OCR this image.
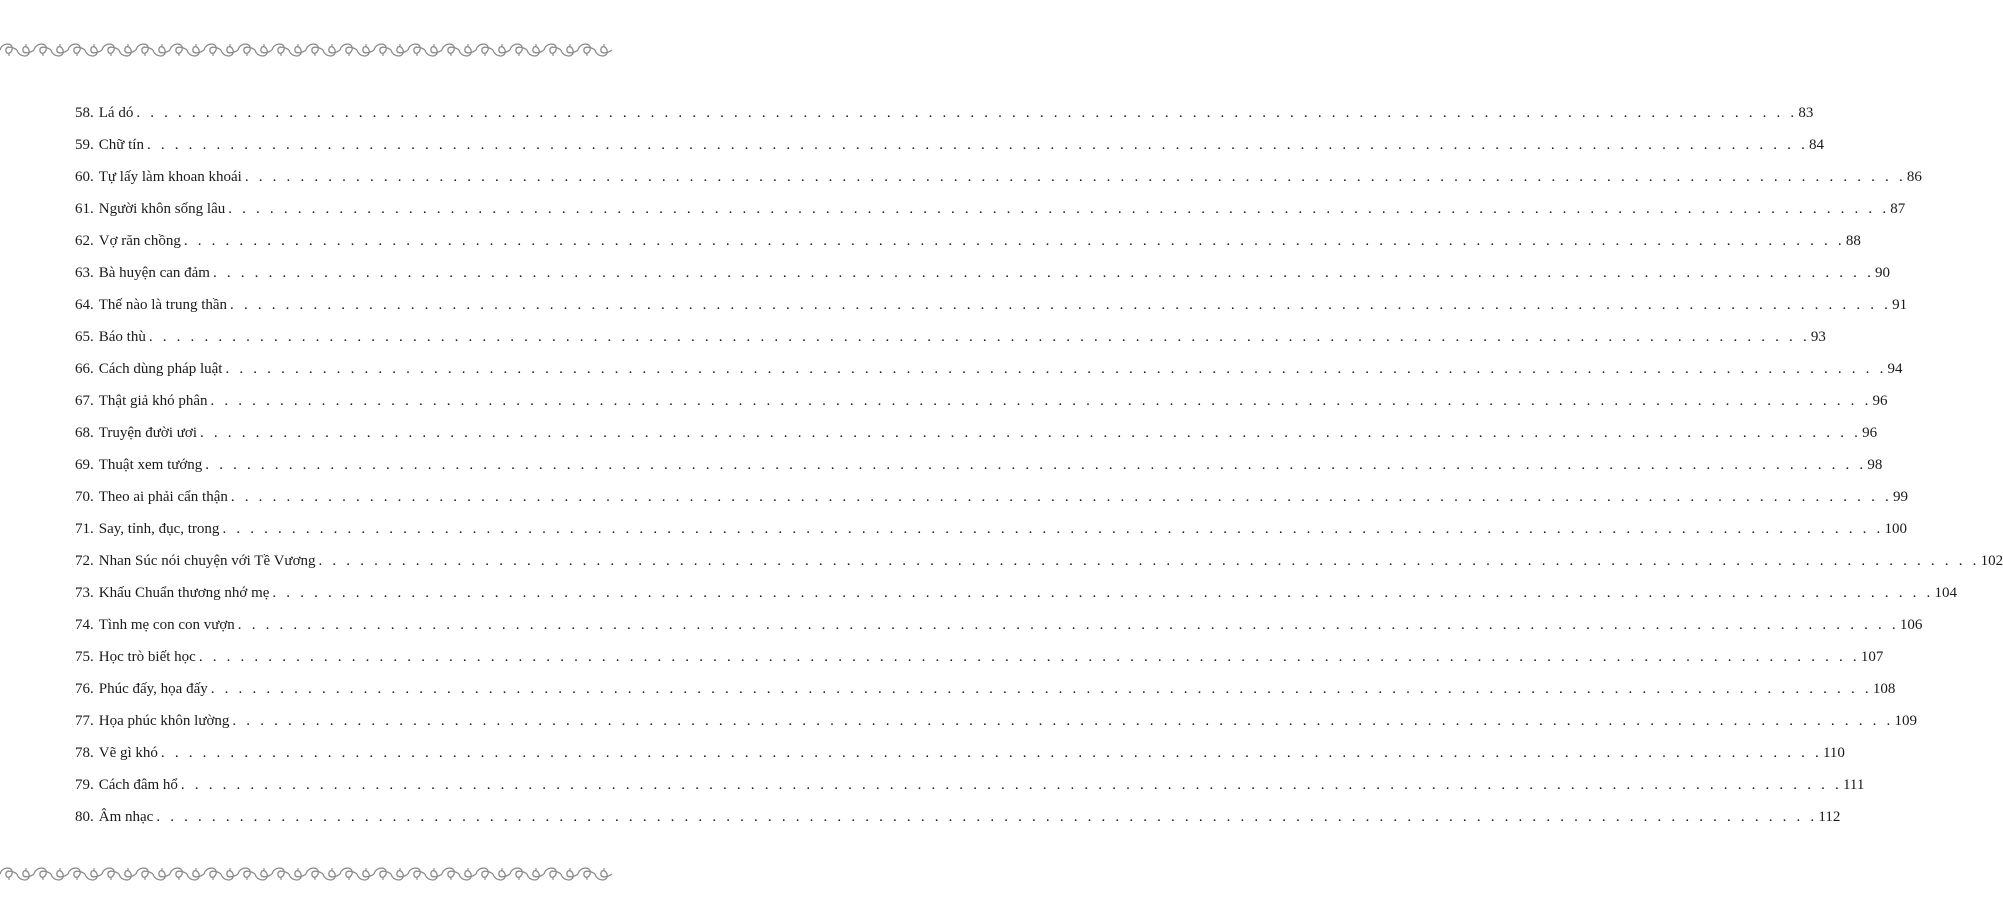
58. Lá dó . . . . . . . . . . . . . . . . . . . . . . . . . . . . . . . . . . . . . . . . . . . . . . . . . . . . . . . . . . . . . . . . . . . . . . . . . . . . . . . . . . . . . . . . . . . . . . . . . . . . . . . . . . . . . . . . . . . . . . . . 83
59. Chữ tín . . . . . . . . . . . . . . . . . . . . . . . . . . . . . . . . . . . . . . . . . . . . . . . . . . . . . . . . . . . . . . . . . . . . . . . . . . . . . . . . . . . . . . . . . . . . . . . . . . . . . . . . . . . . . . . . . . . . . . . . 84
60. Tự lấy làm khoan khoái . . . . . . . . . . . . . . . . . . . . . . . . . . . . . . . . . . . . . . . . . . . . . . . . . . . . . . . . . . . . . . . . . . . . . . . . . . . . . . . . . . . . . . . . . . . . . . . . . . . . . . . . . . . . . . . . . . . . . . . . 86
61. Người khôn sống lâu . . . . . . . . . . . . . . . . . . . . . . . . . . . . . . . . . . . . . . . . . . . . . . . . . . . . . . . . . . . . . . . . . . . . . . . . . . . . . . . . . . . . . . . . . . . . . . . . . . . . . . . . . . . . . . . . . . . . . . . . 87
62. Vợ răn chồng . . . . . . . . . . . . . . . . . . . . . . . . . . . . . . . . . . . . . . . . . . . . . . . . . . . . . . . . . . . . . . . . . . . . . . . . . . . . . . . . . . . . . . . . . . . . . . . . . . . . . . . . . . . . . . . . . . . . . . . . 88
63. Bà huyện can đảm . . . . . . . . . . . . . . . . . . . . . . . . . . . . . . . . . . . . . . . . . . . . . . . . . . . . . . . . . . . . . . . . . . . . . . . . . . . . . . . . . . . . . . . . . . . . . . . . . . . . . . . . . . . . . . . . . . . . . . . . 90
64. Thế nào là trung thần . . . . . . . . . . . . . . . . . . . . . . . . . . . . . . . . . . . . . . . . . . . . . . . . . . . . . . . . . . . . . . . . . . . . . . . . . . . . . . . . . . . . . . . . . . . . . . . . . . . . . . . . . . . . . . . . . . . . . . . . 91
65. Báo thù . . . . . . . . . . . . . . . . . . . . . . . . . . . . . . . . . . . . . . . . . . . . . . . . . . . . . . . . . . . . . . . . . . . . . . . . . . . . . . . . . . . . . . . . . . . . . . . . . . . . . . . . . . . . . . . . . . . . . . . . 93
66. Cách dùng pháp luật . . . . . . . . . . . . . . . . . . . . . . . . . . . . . . . . . . . . . . . . . . . . . . . . . . . . . . . . . . . . . . . . . . . . . . . . . . . . . . . . . . . . . . . . . . . . . . . . . . . . . . . . . . . . . . . . . . . . . . . . 94
67. Thật giả khó phân . . . . . . . . . . . . . . . . . . . . . . . . . . . . . . . . . . . . . . . . . . . . . . . . . . . . . . . . . . . . . . . . . . . . . . . . . . . . . . . . . . . . . . . . . . . . . . . . . . . . . . . . . . . . . . . . . . . . . . . . 96
68. Truyện đười ươi . . . . . . . . . . . . . . . . . . . . . . . . . . . . . . . . . . . . . . . . . . . . . . . . . . . . . . . . . . . . . . . . . . . . . . . . . . . . . . . . . . . . . . . . . . . . . . . . . . . . . . . . . . . . . . . . . . . . . . . . 96
69. Thuật xem tướng . . . . . . . . . . . . . . . . . . . . . . . . . . . . . . . . . . . . . . . . . . . . . . . . . . . . . . . . . . . . . . . . . . . . . . . . . . . . . . . . . . . . . . . . . . . . . . . . . . . . . . . . . . . . . . . . . . . . . . . . 98
70. Theo ai phải cẩn thận . . . . . . . . . . . . . . . . . . . . . . . . . . . . . . . . . . . . . . . . . . . . . . . . . . . . . . . . . . . . . . . . . . . . . . . . . . . . . . . . . . . . . . . . . . . . . . . . . . . . . . . . . . . . . . . . . . . . . . . . 99
71. Say, tỉnh, đục, trong . . . . . . . . . . . . . . . . . . . . . . . . . . . . . . . . . . . . . . . . . . . . . . . . . . . . . . . . . . . . . . . . . . . . . . . . . . . . . . . . . . . . . . . . . . . . . . . . . . . . . . . . . . . . . . . . . . . . . . . . 100
72. Nhan Súc nói chuyện với Tề Vương . . . . . . . . . . . . . . . . . . . . . . . . . . . . . . . . . . . . . . . . . . . . . . . . . . . . . . . . . . . . . . . . . . . . . . . . . . . . . . . . . . . . . . . . . . . . . . . . . . . . . . . . . . . . . . . . . . . . . . . . 102
73. Khấu Chuẩn thương nhớ mẹ . . . . . . . . . . . . . . . . . . . . . . . . . . . . . . . . . . . . . . . . . . . . . . . . . . . . . . . . . . . . . . . . . . . . . . . . . . . . . . . . . . . . . . . . . . . . . . . . . . . . . . . . . . . . . . . . . . . . . . . . 104
74. Tình mẹ con con vượn . . . . . . . . . . . . . . . . . . . . . . . . . . . . . . . . . . . . . . . . . . . . . . . . . . . . . . . . . . . . . . . . . . . . . . . . . . . . . . . . . . . . . . . . . . . . . . . . . . . . . . . . . . . . . . . . . . . . . . . . 106
75. Học trò biết học . . . . . . . . . . . . . . . . . . . . . . . . . . . . . . . . . . . . . . . . . . . . . . . . . . . . . . . . . . . . . . . . . . . . . . . . . . . . . . . . . . . . . . . . . . . . . . . . . . . . . . . . . . . . . . . . . . . . . . . . 107
76. Phúc đấy, họa đấy . . . . . . . . . . . . . . . . . . . . . . . . . . . . . . . . . . . . . . . . . . . . . . . . . . . . . . . . . . . . . . . . . . . . . . . . . . . . . . . . . . . . . . . . . . . . . . . . . . . . . . . . . . . . . . . . . . . . . . . . 108
77. Họa phúc khôn lường . . . . . . . . . . . . . . . . . . . . . . . . . . . . . . . . . . . . . . . . . . . . . . . . . . . . . . . . . . . . . . . . . . . . . . . . . . . . . . . . . . . . . . . . . . . . . . . . . . . . . . . . . . . . . . . . . . . . . . . . 109
78. Vẽ gì khó . . . . . . . . . . . . . . . . . . . . . . . . . . . . . . . . . . . . . . . . . . . . . . . . . . . . . . . . . . . . . . . . . . . . . . . . . . . . . . . . . . . . . . . . . . . . . . . . . . . . . . . . . . . . . . . . . . . . . . . . 110
79. Cách đâm hổ . . . . . . . . . . . . . . . . . . . . . . . . . . . . . . . . . . . . . . . . . . . . . . . . . . . . . . . . . . . . . . . . . . . . . . . . . . . . . . . . . . . . . . . . . . . . . . . . . . . . . . . . . . . . . . . . . . . . . . . . 111
80. Âm nhạc . . . . . . . . . . . . . . . . . . . . . . . . . . . . . . . . . . . . . . . . . . . . . . . . . . . . . . . . . . . . . . . . . . . . . . . . . . . . . . . . . . . . . . . . . . . . . . . . . . . . . . . . . . . . . . . . . . . . . . . . 112
